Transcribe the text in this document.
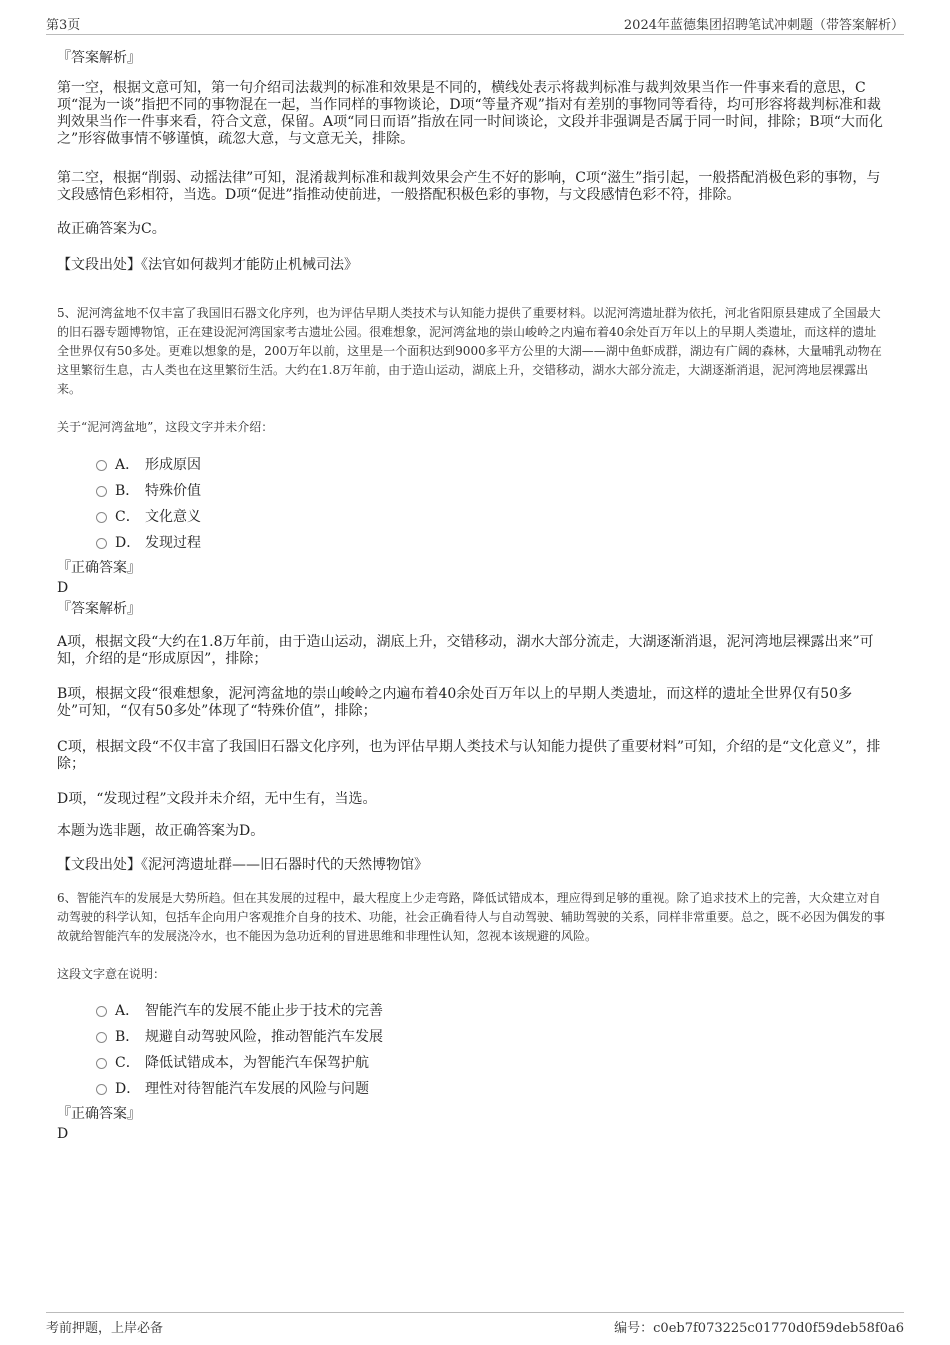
第3页	2024年蓝德集团招聘笔试冲刺题（带答案解析）

『答案解析』

第一空，根据文意可知，第一句介绍司法裁判的标准和效果是不同的，横线处表示将裁判标准与裁判效果当作一件事来看的意思，C项“混为一谈”指把不同的事物混在一起，当作同样的事物谈论，D项“等量齐观”指对有差别的事物同等看待，均可形容将裁判标准和裁判效果当作一件事来看，符合文意，保留。A项“同日而语”指放在同一时间谈论，文段并非强调是否属于同一时间，排除；B项“大而化之”形容做事情不够谨慎，疏忽大意，与文意无关，排除。

第二空，根据“削弱、动摇法律”可知，混淆裁判标准和裁判效果会产生不好的影响，C项“滋生”指引起，一般搭配消极色彩的事物，与文段感情色彩相符，当选。D项“促进”指推动使前进，一般搭配积极色彩的事物，与文段感情色彩不符，排除。

故正确答案为C。

【文段出处】《法官如何裁判才能防止机械司法》

5、泥河湾盆地不仅丰富了我国旧石器文化序列，也为评估早期人类技术与认知能力提供了重要材料。以泥河湾遗址群为依托，河北省阳原县建成了全国最大的旧石器专题博物馆，正在建设泥河湾国家考古遗址公园。很难想象，泥河湾盆地的崇山峻岭之内遍布着40余处百万年以上的早期人类遗址，而这样的遗址全世界仅有50多处。更难以想象的是，200万年以前，这里是一个面积达到9000多平方公里的大湖——湖中鱼虾成群，湖边有广阔的森林，大量哺乳动物在这里繁衍生息，古人类也在这里繁衍生活。大约在1.8万年前，由于造山运动，湖底上升，交错移动，湖水大部分流走，大湖逐渐消退，泥河湾地层裸露出来。

关于“泥河湾盆地”，这段文字并未介绍：

A． 形成原因
B． 特殊价值
C． 文化意义
D． 发现过程

『正确答案』

D

『答案解析』

A项，根据文段“大约在1.8万年前，由于造山运动，湖底上升，交错移动，湖水大部分流走，大湖逐渐消退，泥河湾地层裸露出来”可知，介绍的是“形成原因”，排除；

B项，根据文段“很难想象，泥河湾盆地的崇山峻岭之内遍布着40余处百万年以上的早期人类遗址，而这样的遗址全世界仅有50多处”可知，“仅有50多处”体现了“特殊价值”，排除；

C项，根据文段“不仅丰富了我国旧石器文化序列，也为评估早期人类技术与认知能力提供了重要材料”可知，介绍的是“文化意义”，排除；

D项，“发现过程”文段并未介绍，无中生有，当选。

本题为选非题，故正确答案为D。

【文段出处】《泥河湾遗址群——旧石器时代的天然博物馆》

6、智能汽车的发展是大势所趋。但在其发展的过程中，最大程度上少走弯路，降低试错成本，理应得到足够的重视。除了追求技术上的完善，大众建立对自动驾驶的科学认知，包括车企向用户客观推介自身的技术、功能，社会正确看待人与自动驾驶、辅助驾驶的关系，同样非常重要。总之，既不必因为偶发的事故就给智能汽车的发展浇冷水，也不能因为急功近利的冒进思维和非理性认知，忽视本该规避的风险。

这段文字意在说明：

A． 智能汽车的发展不能止步于技术的完善
B． 规避自动驾驶风险，推动智能汽车发展
C． 降低试错成本，为智能汽车保驾护航
D． 理性对待智能汽车发展的风险与问题

『正确答案』

D

考前押题，上岸必备	编号：c0eb7f073225c01770d0f59deb58f0a6
